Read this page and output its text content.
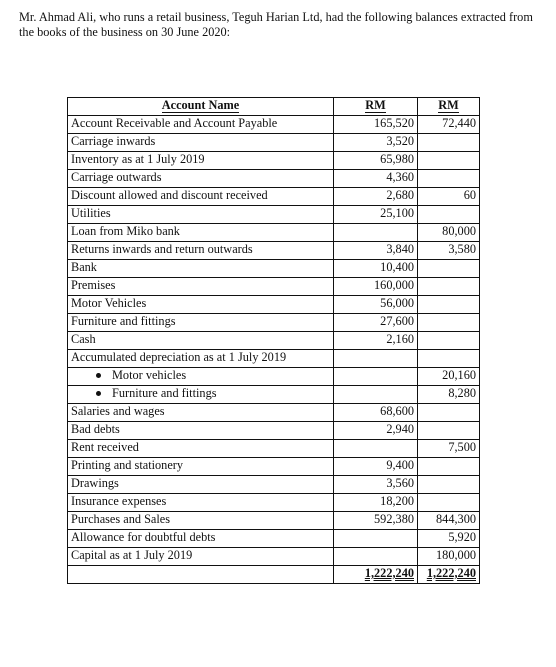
Mr. Ahmad Ali, who runs a retail business, Teguh Harian Ltd, had the following balances extracted from the books of the business on 30 June 2020:
Account Name	RM	RM
Account Receivable and Account Payable	165,520	72,440
Carriage inwards	3,520	
Inventory as at 1 July 2019	65,980	
Carriage outwards	4,360	
Discount allowed and discount received	2,680	60
Utilities	25,100	
Loan from Miko bank		80,000
Returns inwards and return outwards	3,840	3,580
Bank	10,400	
Premises	160,000	
Motor Vehicles	56,000	
Furniture and fittings	27,600	
Cash	2,160	
Accumulated depreciation as at 1 July 2019		
Motor vehicles		20,160
Furniture and fittings		8,280
Salaries and wages	68,600	
Bad debts	2,940	
Rent received		7,500
Printing and stationery	9,400	
Drawings	3,560	
Insurance expenses	18,200	
Purchases and Sales	592,380	844,300
Allowance for doubtful debts		5,920
Capital as at 1 July 2019		180,000
	1,222,240	1,222,240
